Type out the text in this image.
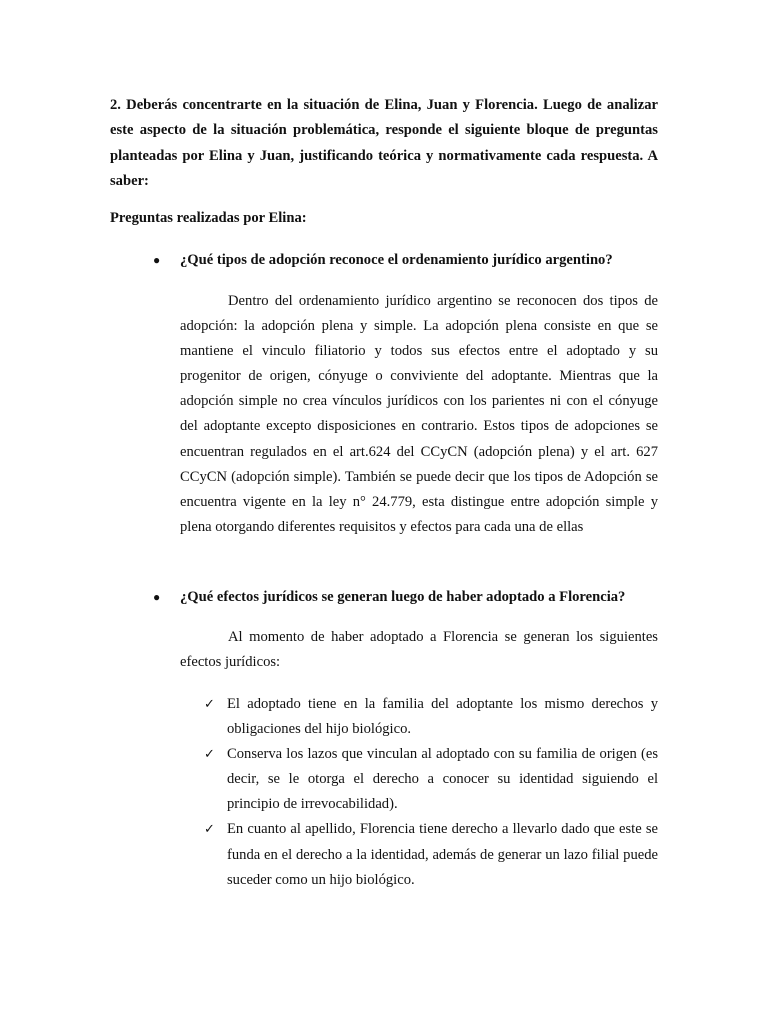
2. Deberás concentrarte en la situación de Elina, Juan y Florencia. Luego de analizar este aspecto de la situación problemática, responde el siguiente bloque de preguntas planteadas por Elina y Juan, justificando teórica y normativamente cada respuesta. A saber:

Preguntas realizadas por Elina:

● ¿Qué tipos de adopción reconoce el ordenamiento jurídico argentino?

Dentro del ordenamiento jurídico argentino se reconocen dos tipos de adopción: la adopción plena y simple. La adopción plena consiste en que se mantiene el vinculo filiatorio y todos sus efectos entre el adoptado y su progenitor de origen, cónyuge o conviviente del adoptante. Mientras que la adopción simple no crea vínculos jurídicos con los parientes ni con el cónyuge del adoptante excepto disposiciones en contrario. Estos tipos de adopciones se encuentran regulados en el art.624 del CCyCN (adopción plena) y el art. 627 CCyCN (adopción simple). También se puede decir que los tipos de Adopción se encuentra vigente en la ley n° 24.779, esta distingue entre adopción simple y plena otorgando diferentes requisitos y efectos para cada una de ellas

● ¿Qué efectos jurídicos se generan luego de haber adoptado a Florencia?

Al momento de haber adoptado a Florencia se generan los siguientes efectos jurídicos:

✓ El adoptado tiene en la familia del adoptante los mismo derechos y obligaciones del hijo biológico.
✓ Conserva los lazos que vinculan al adoptado con su familia de origen (es decir, se le otorga el derecho a conocer su identidad siguiendo el principio de irrevocabilidad).
✓ En cuanto al apellido, Florencia tiene derecho a llevarlo dado que este se funda en el derecho a la identidad, además de generar un lazo filial puede suceder como un hijo biológico.
